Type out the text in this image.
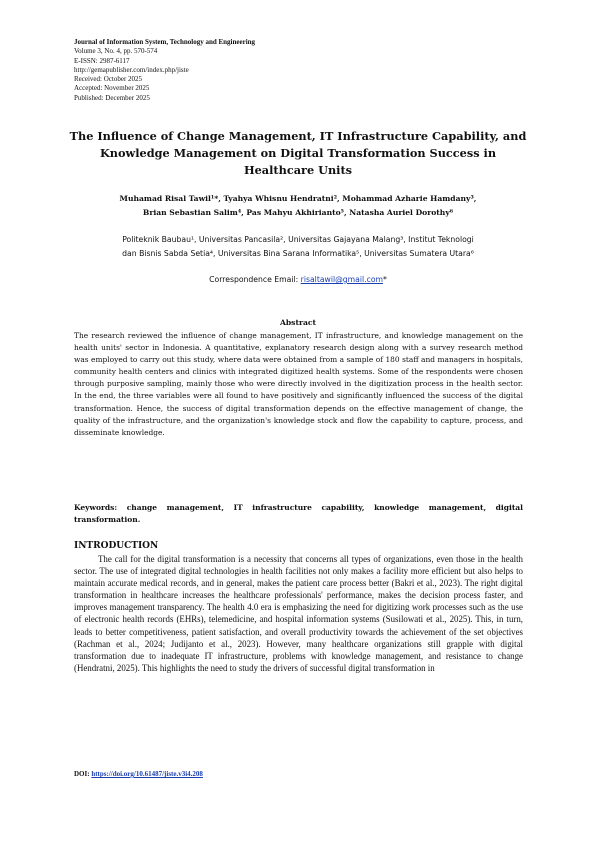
Journal of Information System, Technology and Engineering
Volume 3, No. 4, pp. 570-574
E-ISSN: 2987-6117
http://gemapublisher.com/index.php/jiste
Received: October 2025
Accepted: November 2025
Published: December 2025
The Influence of Change Management, IT Infrastructure Capability, and Knowledge Management on Digital Transformation Success in Healthcare Units
Muhamad Risal Tawil¹*, Tyahya Whisnu Hendratni², Mohammad Azharie Hamdany³,
Brian Sebastian Salim⁴, Pas Mahyu Akhirianto⁵, Natasha Auriel Dorothy⁶
Politeknik Baubau¹, Universitas Pancasila², Universitas Gajayana Malang³, Institut Teknologi
dan Bisnis Sabda Setia⁴, Universitas Bina Sarana Informatika⁵, Universitas Sumatera Utara⁶
Correspondence Email: risaltawil@gmail.com*
Abstract
The research reviewed the influence of change management, IT infrastructure, and knowledge management on the health units' sector in Indonesia. A quantitative, explanatory research design along with a survey research method was employed to carry out this study, where data were obtained from a sample of 180 staff and managers in hospitals, community health centers and clinics with integrated digitized health systems. Some of the respondents were chosen through purposive sampling, mainly those who were directly involved in the digitization process in the health sector. In the end, the three variables were all found to have positively and significantly influenced the success of the digital transformation. Hence, the success of digital transformation depends on the effective management of change, the quality of the infrastructure, and the organization's knowledge stock and flow the capability to capture, process, and disseminate knowledge.
Keywords: change management, IT infrastructure capability, knowledge management, digital transformation.
INTRODUCTION
The call for the digital transformation is a necessity that concerns all types of organizations, even those in the health sector. The use of integrated digital technologies in health facilities not only makes a facility more efficient but also helps to maintain accurate medical records, and in general, makes the patient care process better (Bakri et al., 2023). The right digital transformation in healthcare increases the healthcare professionals' performance, makes the decision process faster, and improves management transparency. The health 4.0 era is emphasizing the need for digitizing work processes such as the use of electronic health records (EHRs), telemedicine, and hospital information systems (Susilowati et al., 2025). This, in turn, leads to better competitiveness, patient satisfaction, and overall productivity towards the achievement of the set objectives (Rachman et al., 2024; Judijanto et al., 2023). However, many healthcare organizations still grapple with digital transformation due to inadequate IT infrastructure, problems with knowledge management, and resistance to change (Hendratni, 2025). This highlights the need to study the drivers of successful digital transformation in
DOI: https://doi.org/10.61487/jiste.v3i4.208
